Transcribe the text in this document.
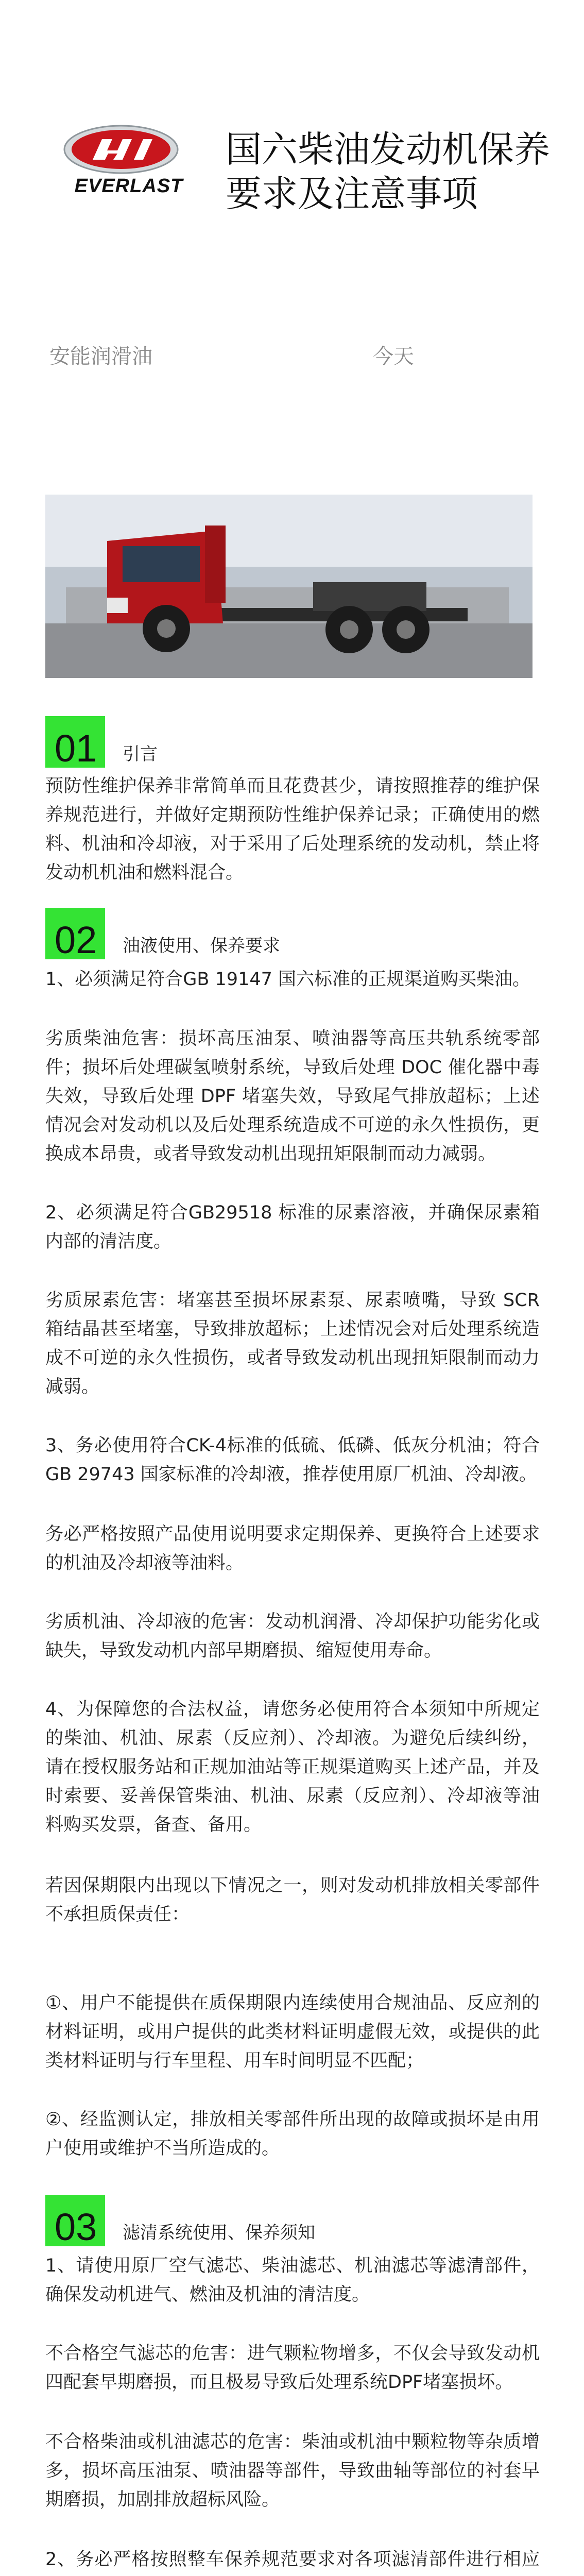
EVERLAST
国六柴油发动机保养要求及注意事项
安能润滑油	今天
01 引言

预防性维护保养非常简单而且花费甚少，请按照推荐的维护保养规范进行，并做好定期预防性维护保养记录；正确使用的燃料、机油和冷却液，对于采用了后处理系统的发动机，禁止将发动机机油和燃料混合。

02 油液使用、保养要求

1、必须满足符合GB 19147 国六标准的正规渠道购买柴油。

劣质柴油危害：损坏高压油泵、喷油器等高压共轨系统零部件；损坏后处理碳氢喷射系统，导致后处理 DOC 催化器中毒失效，导致后处理 DPF 堵塞失效，导致尾气排放超标；上述情况会对发动机以及后处理系统造成不可逆的永久性损伤，更换成本昂贵，或者导致发动机出现扭矩限制而动力减弱。

2、必须满足符合GB29518 标准的尿素溶液，并确保尿素箱内部的清洁度。

劣质尿素危害：堵塞甚至损坏尿素泵、尿素喷嘴，导致 SCR 箱结晶甚至堵塞，导致排放超标；上述情况会对后处理系统造成不可逆的永久性损伤，或者导致发动机出现扭矩限制而动力减弱。

3、务必使用符合CK-4标准的低硫、低磷、低灰分机油；符合 GB 29743 国家标准的冷却液，推荐使用原厂机油、冷却液。

务必严格按照产品使用说明要求定期保养、更换符合上述要求的机油及冷却液等油料。

劣质机油、冷却液的危害：发动机润滑、冷却保护功能劣化或缺失，导致发动机内部早期磨损、缩短使用寿命。

4、为保障您的合法权益，请您务必使用符合本须知中所规定的柴油、机油、尿素（反应剂）、冷却液。为避免后续纠纷，请在授权服务站和正规加油站等正规渠道购买上述产品，并及时索要、妥善保管柴油、机油、尿素（反应剂）、冷却液等油料购买发票，备查、备用。

若因保期限内出现以下情况之一，则对发动机排放相关零部件不承担质保责任：

①、用户不能提供在质保期限内连续使用合规油品、反应剂的材料证明，或用户提供的此类材料证明虚假无效，或提供的此类材料证明与行车里程、用车时间明显不匹配；

②、经监测认定，排放相关零部件所出现的故障或损坏是由用户使用或维护不当所造成的。

03 滤清系统使用、保养须知

1、请使用原厂空气滤芯、柴油滤芯、机油滤芯等滤清部件，确保发动机进气、燃油及机油的清洁度。

不合格空气滤芯的危害：进气颗粒物增多，不仅会导致发动机四配套早期磨损，而且极易导致后处理系统DPF堵塞损坏。

不合格柴油或机油滤芯的危害：柴油或机油中颗粒物等杂质增多，损坏高压油泵、喷油器等部件，导致曲轴等部位的衬套早期磨损，加剧排放超标风险。

2、务必严格按照整车保养规范要求对各项滤清部件进行相应
